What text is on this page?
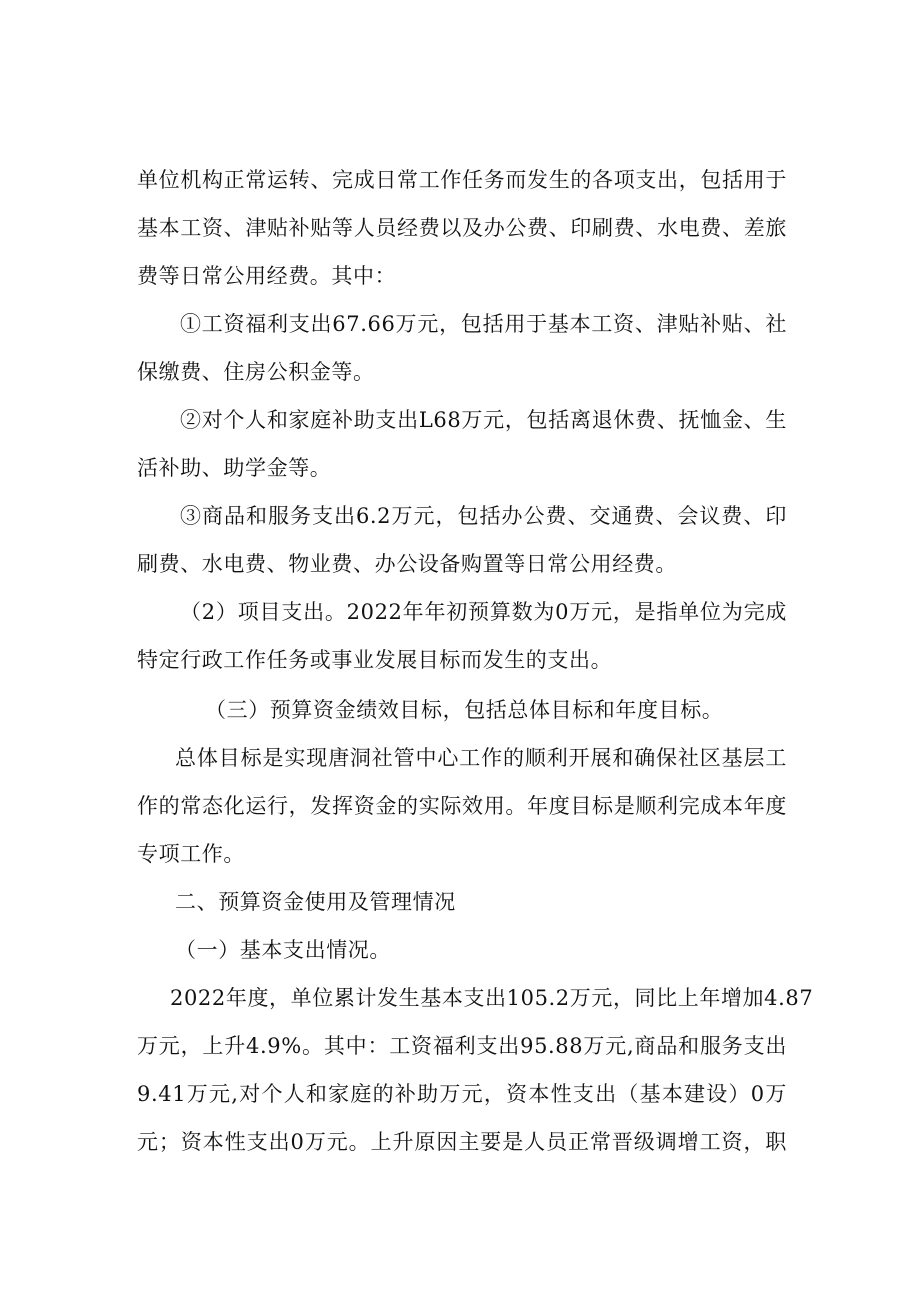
单位机构正常运转、完成日常工作任务而发生的各项支出，包括用于
基本工资、津贴补贴等人员经费以及办公费、印刷费、水电费、差旅
费等日常公用经费。其中：
①工资福利支出67.66万元，包括用于基本工资、津贴补贴、社
保缴费、住房公积金等。
②对个人和家庭补助支出L68万元，包括离退休费、抚恤金、生
活补助、助学金等。
③商品和服务支出6.2万元，包括办公费、交通费、会议费、印
刷费、水电费、物业费、办公设备购置等日常公用经费。
（2）项目支出。2022年年初预算数为0万元，是指单位为完成
特定行政工作任务或事业发展目标而发生的支出。
（三）预算资金绩效目标，包括总体目标和年度目标。
总体目标是实现唐洞社管中心工作的顺利开展和确保社区基层工
作的常态化运行，发挥资金的实际效用。年度目标是顺利完成本年度
专项工作。
二、预算资金使用及管理情况
（一）基本支出情况。
2022年度，单位累计发生基本支出105.2万元，同比上年增加4.87
万元，上升4.9%。其中：工资福利支出95.88万元,商品和服务支出
9.41万元,对个人和家庭的补助万元，资本性支出（基本建设）0万
元；资本性支出0万元。上升原因主要是人员正常晋级调增工资，职
